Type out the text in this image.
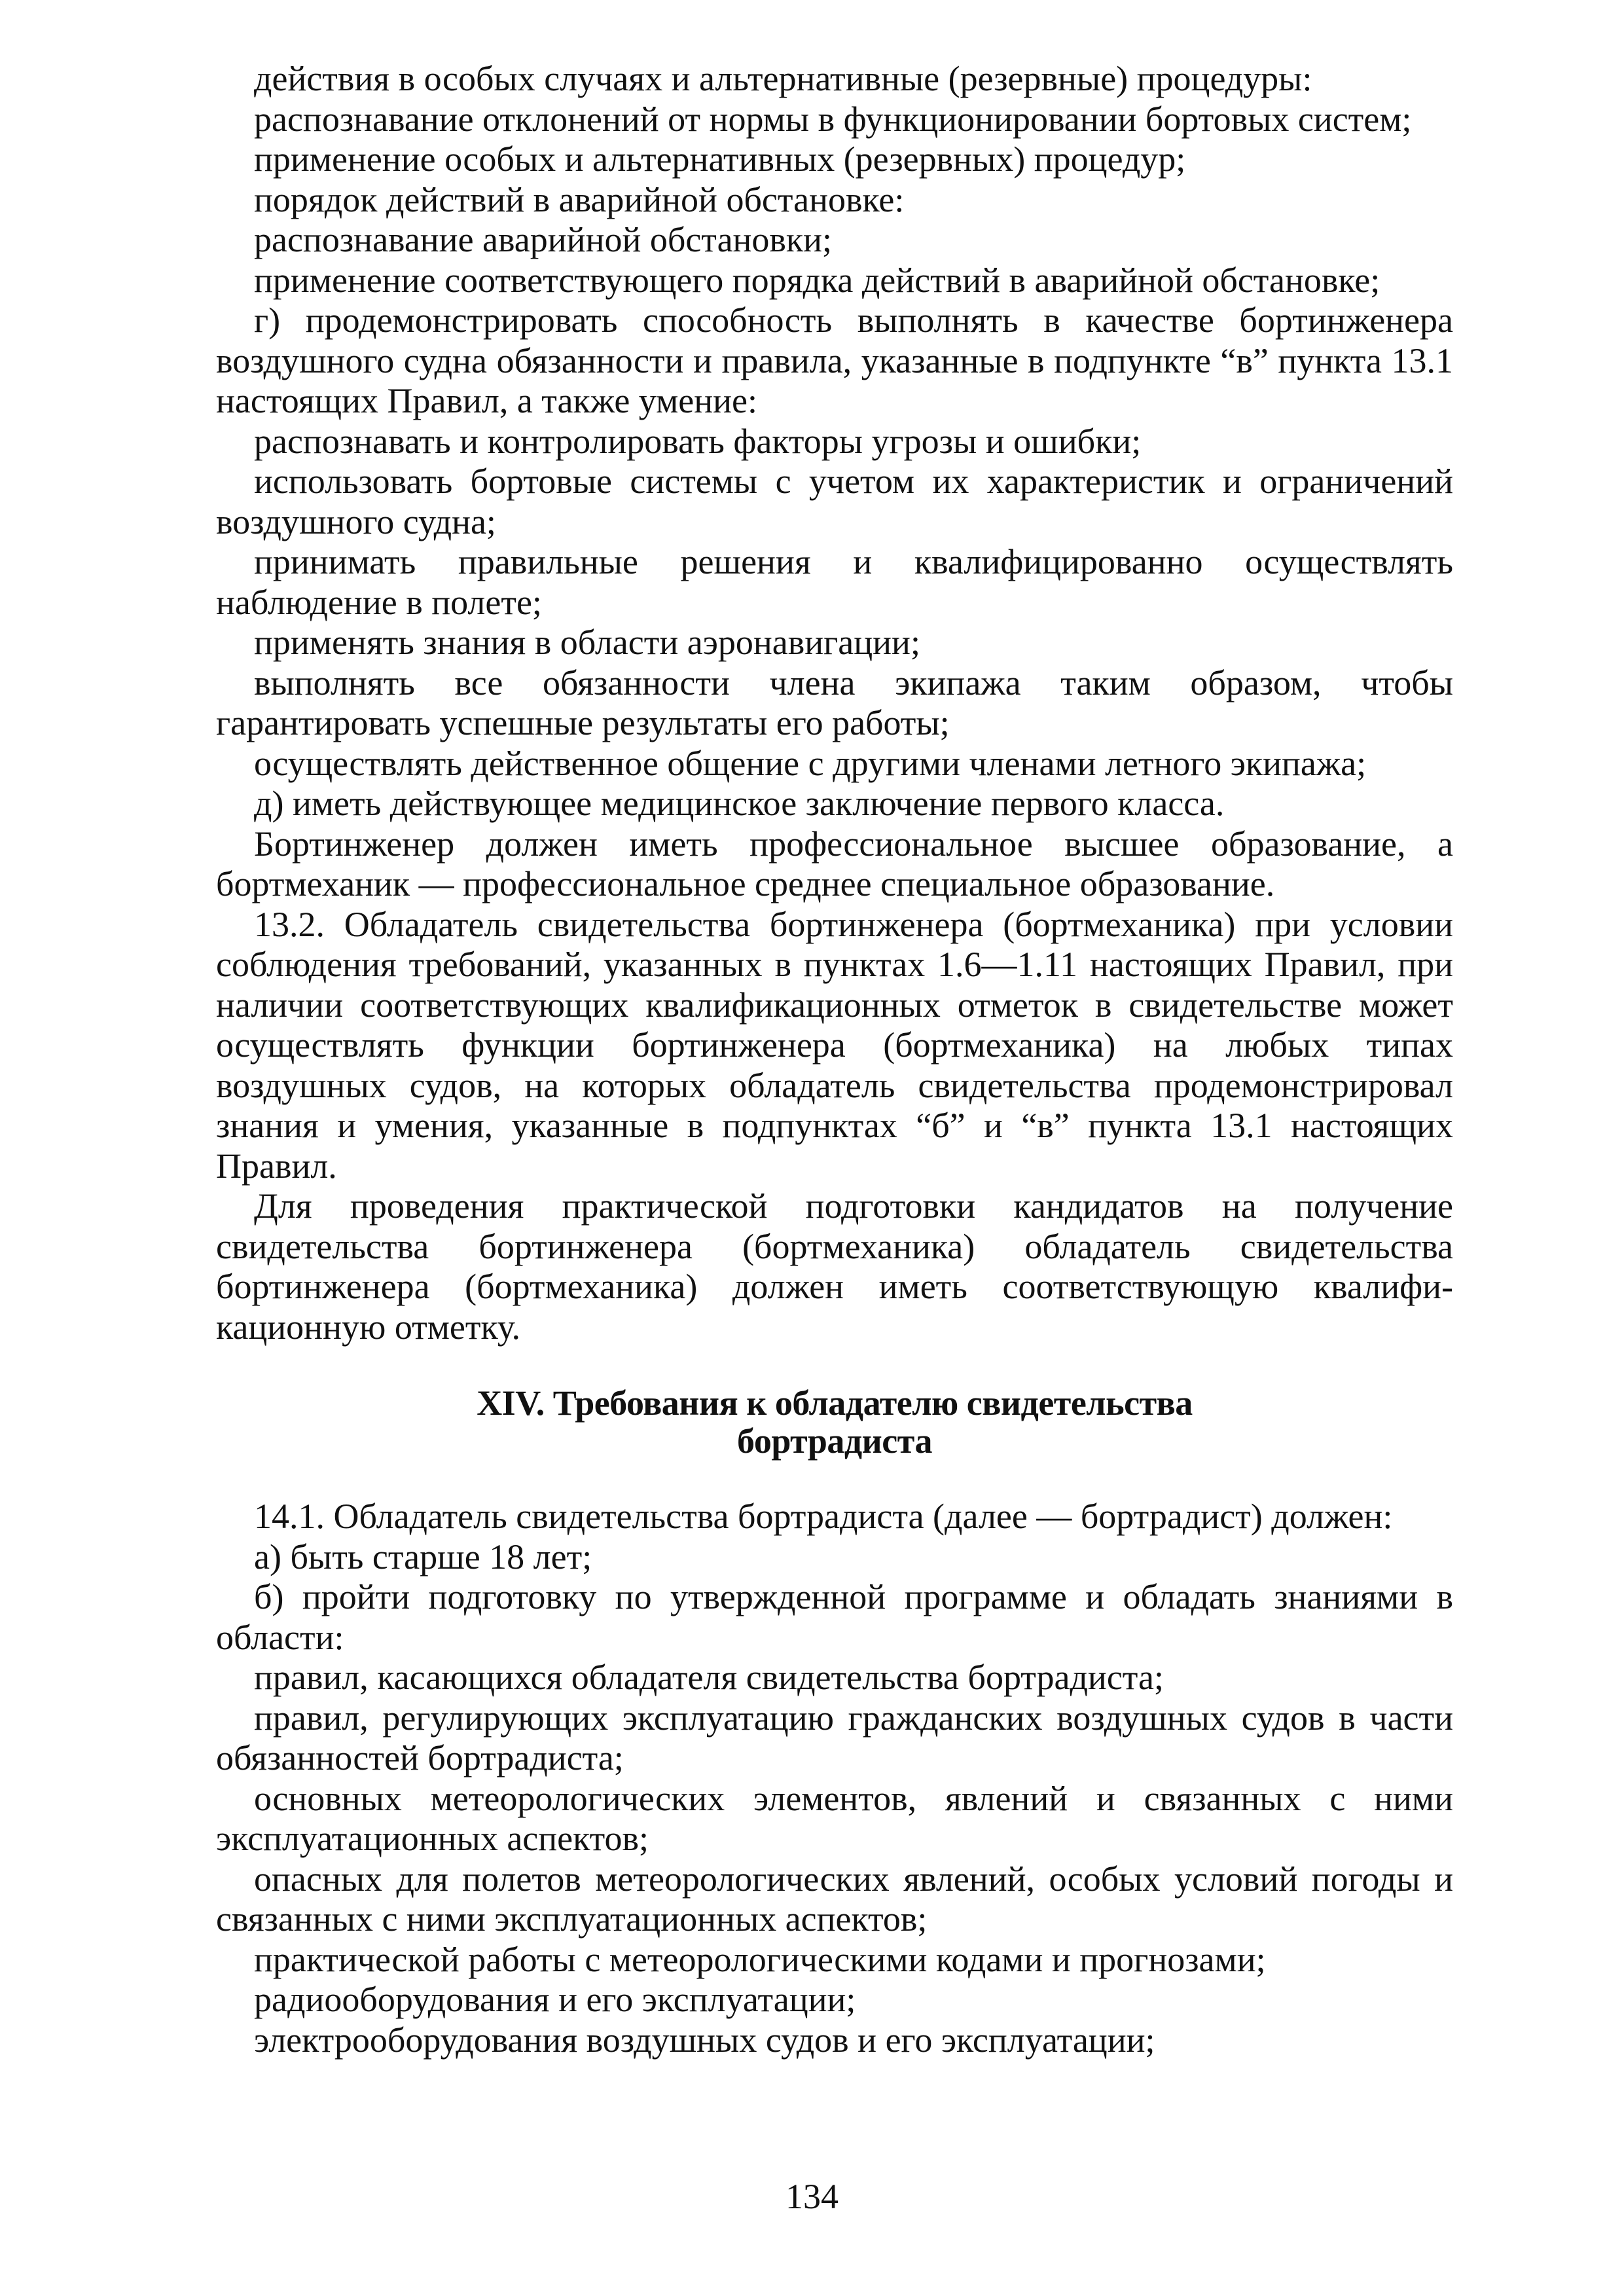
действия в особых случаях и альтернативные (резервные) процедуры:

распознавание отклонений от нормы в функционировании бортовых систем;

применение особых и альтернативных (резервных) процедур;

порядок действий в аварийной обстановке:

распознавание аварийной обстановки;

применение соответствующего порядка действий в аварийной обстановке;

г) продемонстрировать способность выполнять в качестве бортинженера воздушного судна обязанности и правила, указанные в подпункте “в” пункта 13.1 настоящих Правил, а также умение:

распознавать и контролировать факторы угрозы и ошибки;

использовать бортовые системы с учетом их характеристик и ограничений воздушного судна;

принимать правильные решения и квалифицированно осуществлять наблюдение в полете;

применять знания в области аэронавигации;

выполнять все обязанности члена экипажа таким образом, чтобы гарантировать успешные результаты его работы;

осуществлять действенное общение с другими членами летного экипажа;

д) иметь действующее медицинское заключение первого класса.

Бортинженер должен иметь профессиональное высшее образование, а бортмеханик — профессиональное среднее специальное образование.

13.2. Обладатель свидетельства бортинженера (бортмеханика) при условии соблюдения требований, указанных в пунктах 1.6—1.11 настоящих Правил, при наличии соответствующих квалификационных отметок в свидетельстве может осуществлять функции бортинженера (бортмеханика) на любых типах воздушных судов, на которых обладатель свидетельства продемонстрировал знания и умения, указанные в подпунктах “б” и “в” пункта 13.1 настоящих Правил.

Для проведения практической подготовки кандидатов на получение свидетельства бортинженера (бортмеханика) обладатель свидетельства бортинженера (бортмеханика) должен иметь соответствующую квалификационную отметку.

XIV. Требования к обладателю свидетельства
бортрадиста

14.1. Обладатель свидетельства бортрадиста (далее — бортрадист) должен:

а) быть старше 18 лет;

б) пройти подготовку по утвержденной программе и обладать знаниями в области:

правил, касающихся обладателя свидетельства бортрадиста;

правил, регулирующих эксплуатацию гражданских воздушных судов в части обязанностей бортрадиста;

основных метеорологических элементов, явлений и связанных с ними эксплуатационных аспектов;

опасных для полетов метеорологических явлений, особых условий погоды и связанных с ними эксплуатационных аспектов;

практической работы с метеорологическими кодами и прогнозами;

радиооборудования и его эксплуатации;

электрооборудования воздушных судов и его эксплуатации;

134
